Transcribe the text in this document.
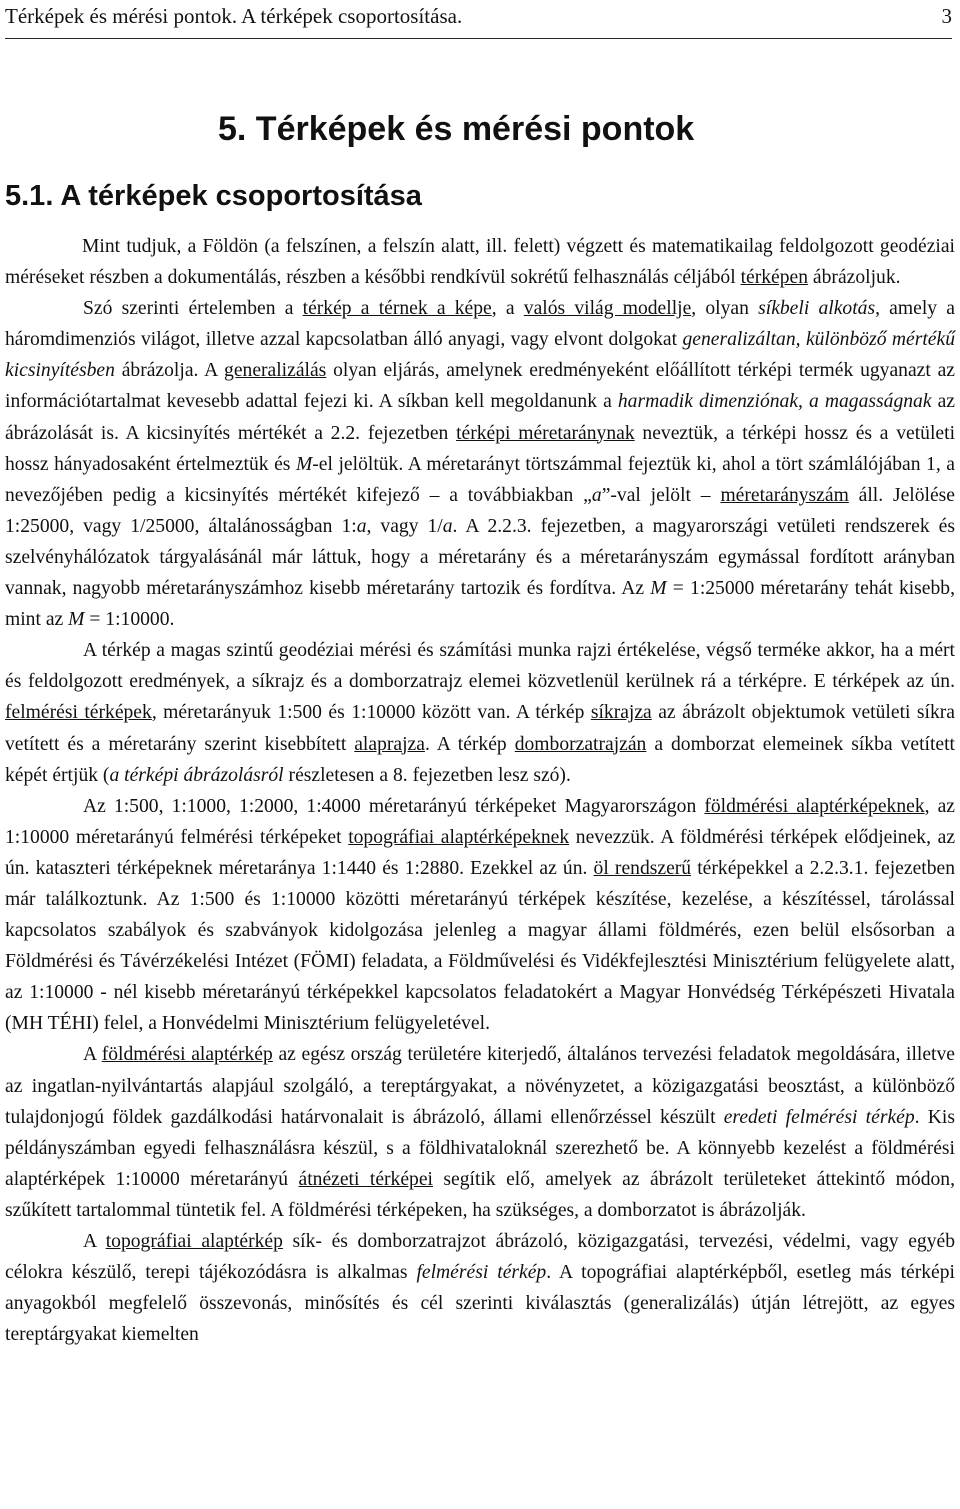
Térképek és mérési pontok. A térképek csoportosítása.	3
5. Térképek és mérési pontok
5.1. A térképek csoportosítása

Mint tudjuk, a Földön (a felszínen, a felszín alatt, ill. felett) végzett és matematikailag feldolgozott geodéziai méréseket részben a dokumentálás, részben a későbbi rendkívül sokrétű felhasználás céljából térképen ábrázoljuk.

Szó szerinti értelemben a térkép a térnek a képe, a valós világ modellje, olyan síkbeli alkotás, amely a háromdimenziós világot, illetve azzal kapcsolatban álló anyagi, vagy elvont dolgokat generalizáltan, különböző mértékű kicsinyítésben ábrázolja. A generalizálás olyan eljárás, amelynek eredményeként előállított térképi termék ugyanazt az információtartalmat kevesebb adattal fejezi ki. A síkban kell megoldanunk a harmadik dimenziónak, a magasságnak az ábrázolását is. A kicsinyítés mértékét a 2.2. fejezetben térképi méretaránynak neveztük, a térképi hossz és a vetületi hossz hányadosaként értelmeztük és M-el jelöltük. A méretarányt törtszámmal fejeztük ki, ahol a tört számlálójában 1, a nevezőjében pedig a kicsinyítés mértékét kifejező – a továbbiakban „a”-val jelölt – méretarányszám áll. Jelölése 1:25000, vagy 1/25000, általánosságban 1:a, vagy 1/a. A 2.2.3. fejezetben, a magyarországi vetületi rendszerek és szelvényhálózatok tárgyalásánál már láttuk, hogy a méretarány és a méretarányszám egymással fordított arányban vannak, nagyobb méretarányszámhoz kisebb méretarány tartozik és fordítva. Az M = 1:25000 méretarány tehát kisebb, mint az M = 1:10000.

A térkép a magas szintű geodéziai mérési és számítási munka rajzi értékelése, végső terméke akkor, ha a mért és feldolgozott eredmények, a síkrajz és a domborzatrajz elemei közvetlenül kerülnek rá a térképre. E térképek az ún. felmérési térképek, méretarányuk 1:500 és 1:10000 között van. A térkép síkrajza az ábrázolt objektumok vetületi síkra vetített és a méretarány szerint kisebbített alaprajza. A térkép domborzatrajzán a domborzat elemeinek síkba vetített képét értjük (a térképi ábrázolásról részletesen a 8. fejezetben lesz szó).

Az 1:500, 1:1000, 1:2000, 1:4000 méretarányú térképeket Magyarországon földmérési alaptérképeknek, az 1:10000 méretarányú felmérési térképeket topográfiai alaptérképeknek nevezzük. A földmérési térképek elődjeinek, az ún. kataszteri térképeknek méretaránya 1:1440 és 1:2880. Ezekkel az ún. öl rendszerű térképekkel a 2.2.3.1. fejezetben már találkoztunk. Az 1:500 és 1:10000 közötti méretarányú térképek készítése, kezelése, a készítéssel, tárolással kapcsolatos szabályok és szabványok kidolgozása jelenleg a magyar állami földmérés, ezen belül elsősorban a Földmérési és Távérzékelési Intézet (FÖMI) feladata, a Földművelési és Vidékfejlesztési Minisztérium felügyelete alatt, az 1:10000 - nél kisebb méretarányú térképekkel kapcsolatos feladatokért a Magyar Honvédség Térképészeti Hivatala (MH TÉHI) felel, a Honvédelmi Minisztérium felügyeletével.

A földmérési alaptérkép az egész ország területére kiterjedő, általános tervezési feladatok megoldására, illetve az ingatlan-nyilvántartás alapjául szolgáló, a tereptárgyakat, a növényzetet, a közigazgatási beosztást, a különböző tulajdonjogú földek gazdálkodási határvonalait is ábrázoló, állami ellenőrzéssel készült eredeti felmérési térkép. Kis példányszámban egyedi felhasználásra készül, s a földhivataloknál szerezhető be. A könnyebb kezelést a földmérési alaptérképek 1:10000 méretarányú átnézeti térképei segítik elő, amelyek az ábrázolt területeket áttekintő módon, szűkített tartalommal tüntetik fel. A földmérési térképeken, ha szükséges, a domborzatot is ábrázolják.

A topográfiai alaptérkép sík- és domborzatrajzot ábrázoló, közigazgatási, tervezési, védelmi, vagy egyéb célokra készülő, terepi tájékozódásra is alkalmas felmérési térkép. A topográfiai alaptérképből, esetleg más térképi anyagokból megfelelő összevonás, minősítés és cél szerinti kiválasztás (generalizálás) útján létrejött, az egyes tereptárgyakat kiemelten
